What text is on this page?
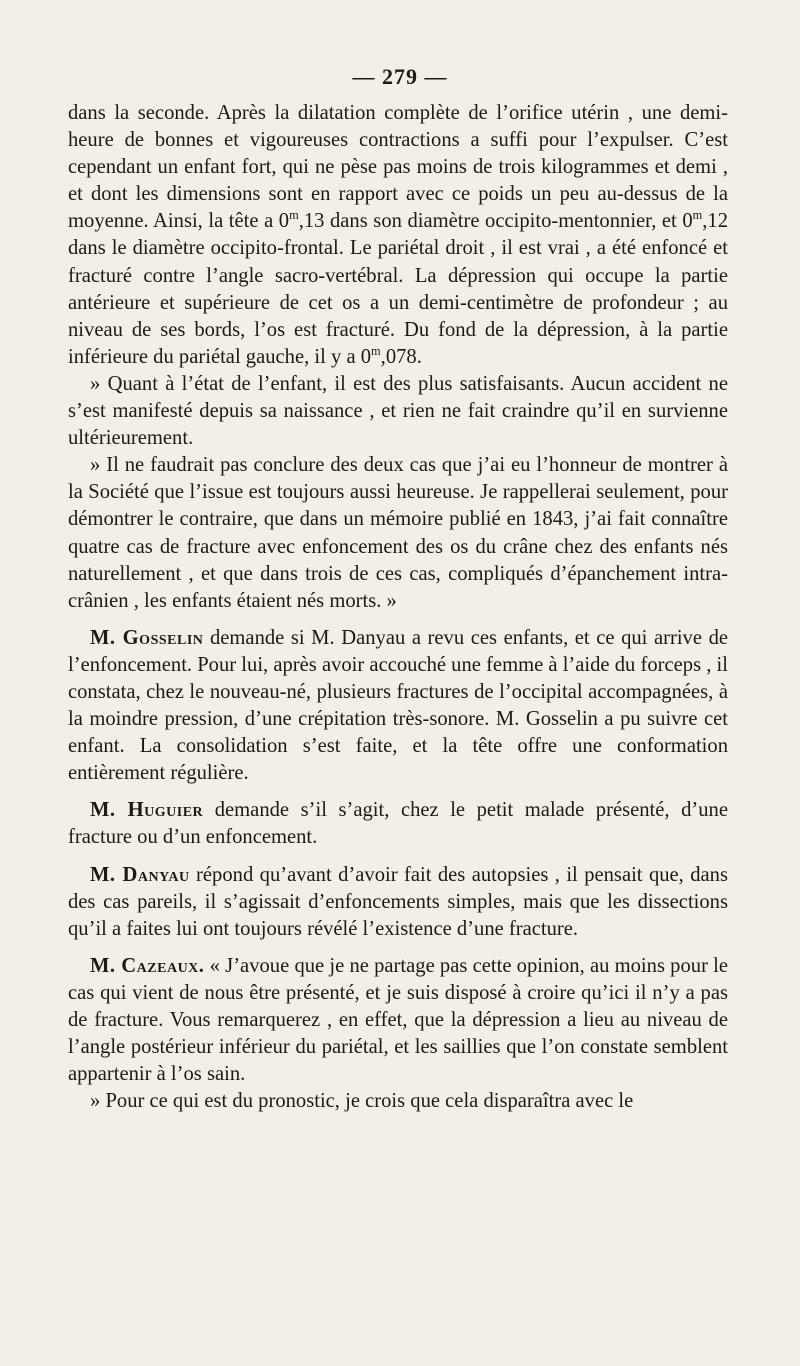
— 279 —

dans la seconde. Après la dilatation complète de l’orifice utérin , une demi-heure de bonnes et vigoureuses contractions a suffi pour l’expulser. C’est cependant un enfant fort, qui ne pèse pas moins de trois kilogrammes et demi , et dont les dimensions sont en rapport avec ce poids un peu au-dessus de la moyenne. Ainsi, la tête a 0$^m$,13 dans son diamètre occipito-mentonnier, et 0$^m$,12 dans le diamètre occipito-frontal. Le pariétal droit , il est vrai , a été enfoncé et fracturé contre l’angle sacro-vertébral. La dépression qui occupe la partie antérieure et supérieure de cet os a un demi-centimètre de profondeur ; au niveau de ses bords, l’os est fracturé. Du fond de la dépression, à la partie inférieure du pariétal gauche, il y a 0$^m$,078.

» Quant à l’état de l’enfant, il est des plus satisfaisants. Aucun accident ne s’est manifesté depuis sa naissance , et rien ne fait craindre qu’il en survienne ultérieurement.

» Il ne faudrait pas conclure des deux cas que j’ai eu l’honneur de montrer à la Société que l’issue est toujours aussi heureuse. Je rappellerai seulement, pour démontrer le contraire, que dans un mémoire publié en 1843, j’ai fait connaître quatre cas de fracture avec enfoncement des os du crâne chez des enfants nés naturellement , et que dans trois de ces cas, compliqués d’épanchement intra-crânien , les enfants étaient nés morts. »

M. Gosselin demande si M. Danyau a revu ces enfants, et ce qui arrive de l’enfoncement. Pour lui, après avoir accouché une femme à l’aide du forceps , il constata, chez le nouveau-né, plusieurs fractures de l’occipital accompagnées, à la moindre pression, d’une crépitation très-sonore. M. Gosselin a pu suivre cet enfant. La consolidation s’est faite, et la tête offre une conformation entièrement régulière.

M. Huguier demande s’il s’agit, chez le petit malade présenté, d’une fracture ou d’un enfoncement.

M. Danyau répond qu’avant d’avoir fait des autopsies , il pensait que, dans des cas pareils, il s’agissait d’enfoncements simples, mais que les dissections qu’il a faites lui ont toujours révélé l’existence d’une fracture.

M. Cazeaux. « J’avoue que je ne partage pas cette opinion, au moins pour le cas qui vient de nous être présenté, et je suis disposé à croire qu’ici il n’y a pas de fracture. Vous remarquerez , en effet, que la dépression a lieu au niveau de l’angle postérieur inférieur du pariétal, et les saillies que l’on constate semblent appartenir à l’os sain.

» Pour ce qui est du pronostic, je crois que cela disparaîtra avec le
